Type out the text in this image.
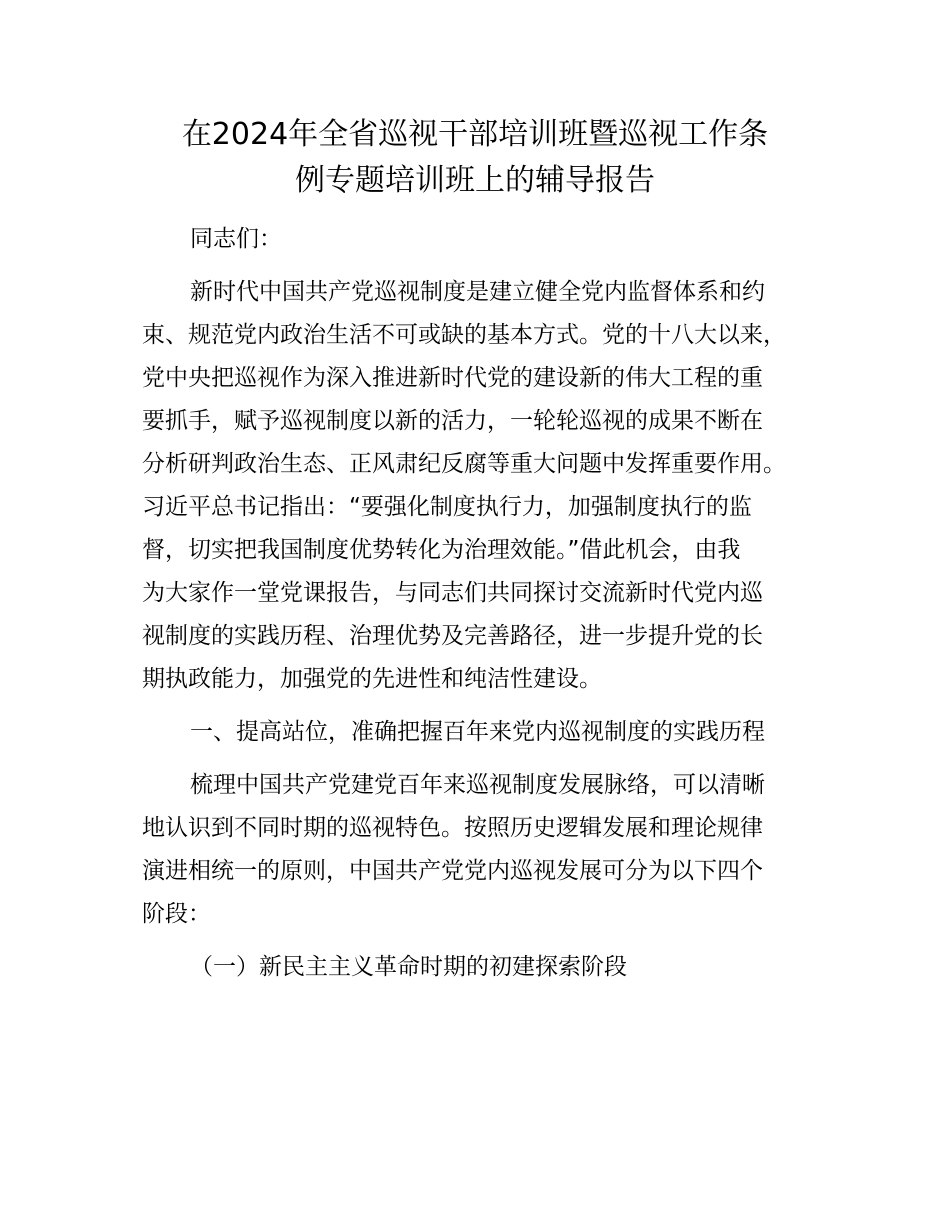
在2024年全省巡视干部培训班暨巡视工作条
例专题培训班上的辅导报告
同志们：
新时代中国共产党巡视制度是建立健全党内监督体系和约
束、规范党内政治生活不可或缺的基本方式。党的十八大以来，
党中央把巡视作为深入推进新时代党的建设新的伟大工程的重
要抓手，赋予巡视制度以新的活力，一轮轮巡视的成果不断在
分析研判政治生态、正风肃纪反腐等重大问题中发挥重要作用。
习近平总书记指出：“要强化制度执行力，加强制度执行的监
督，切实把我国制度优势转化为治理效能。”借此机会，由我
为大家作一堂党课报告，与同志们共同探讨交流新时代党内巡
视制度的实践历程、治理优势及完善路径，进一步提升党的长
期执政能力，加强党的先进性和纯洁性建设。
一、提高站位，准确把握百年来党内巡视制度的实践历程
梳理中国共产党建党百年来巡视制度发展脉络，可以清晰
地认识到不同时期的巡视特色。按照历史逻辑发展和理论规律
演进相统一的原则，中国共产党党内巡视发展可分为以下四个
阶段：
（一）新民主主义革命时期的初建探索阶段
